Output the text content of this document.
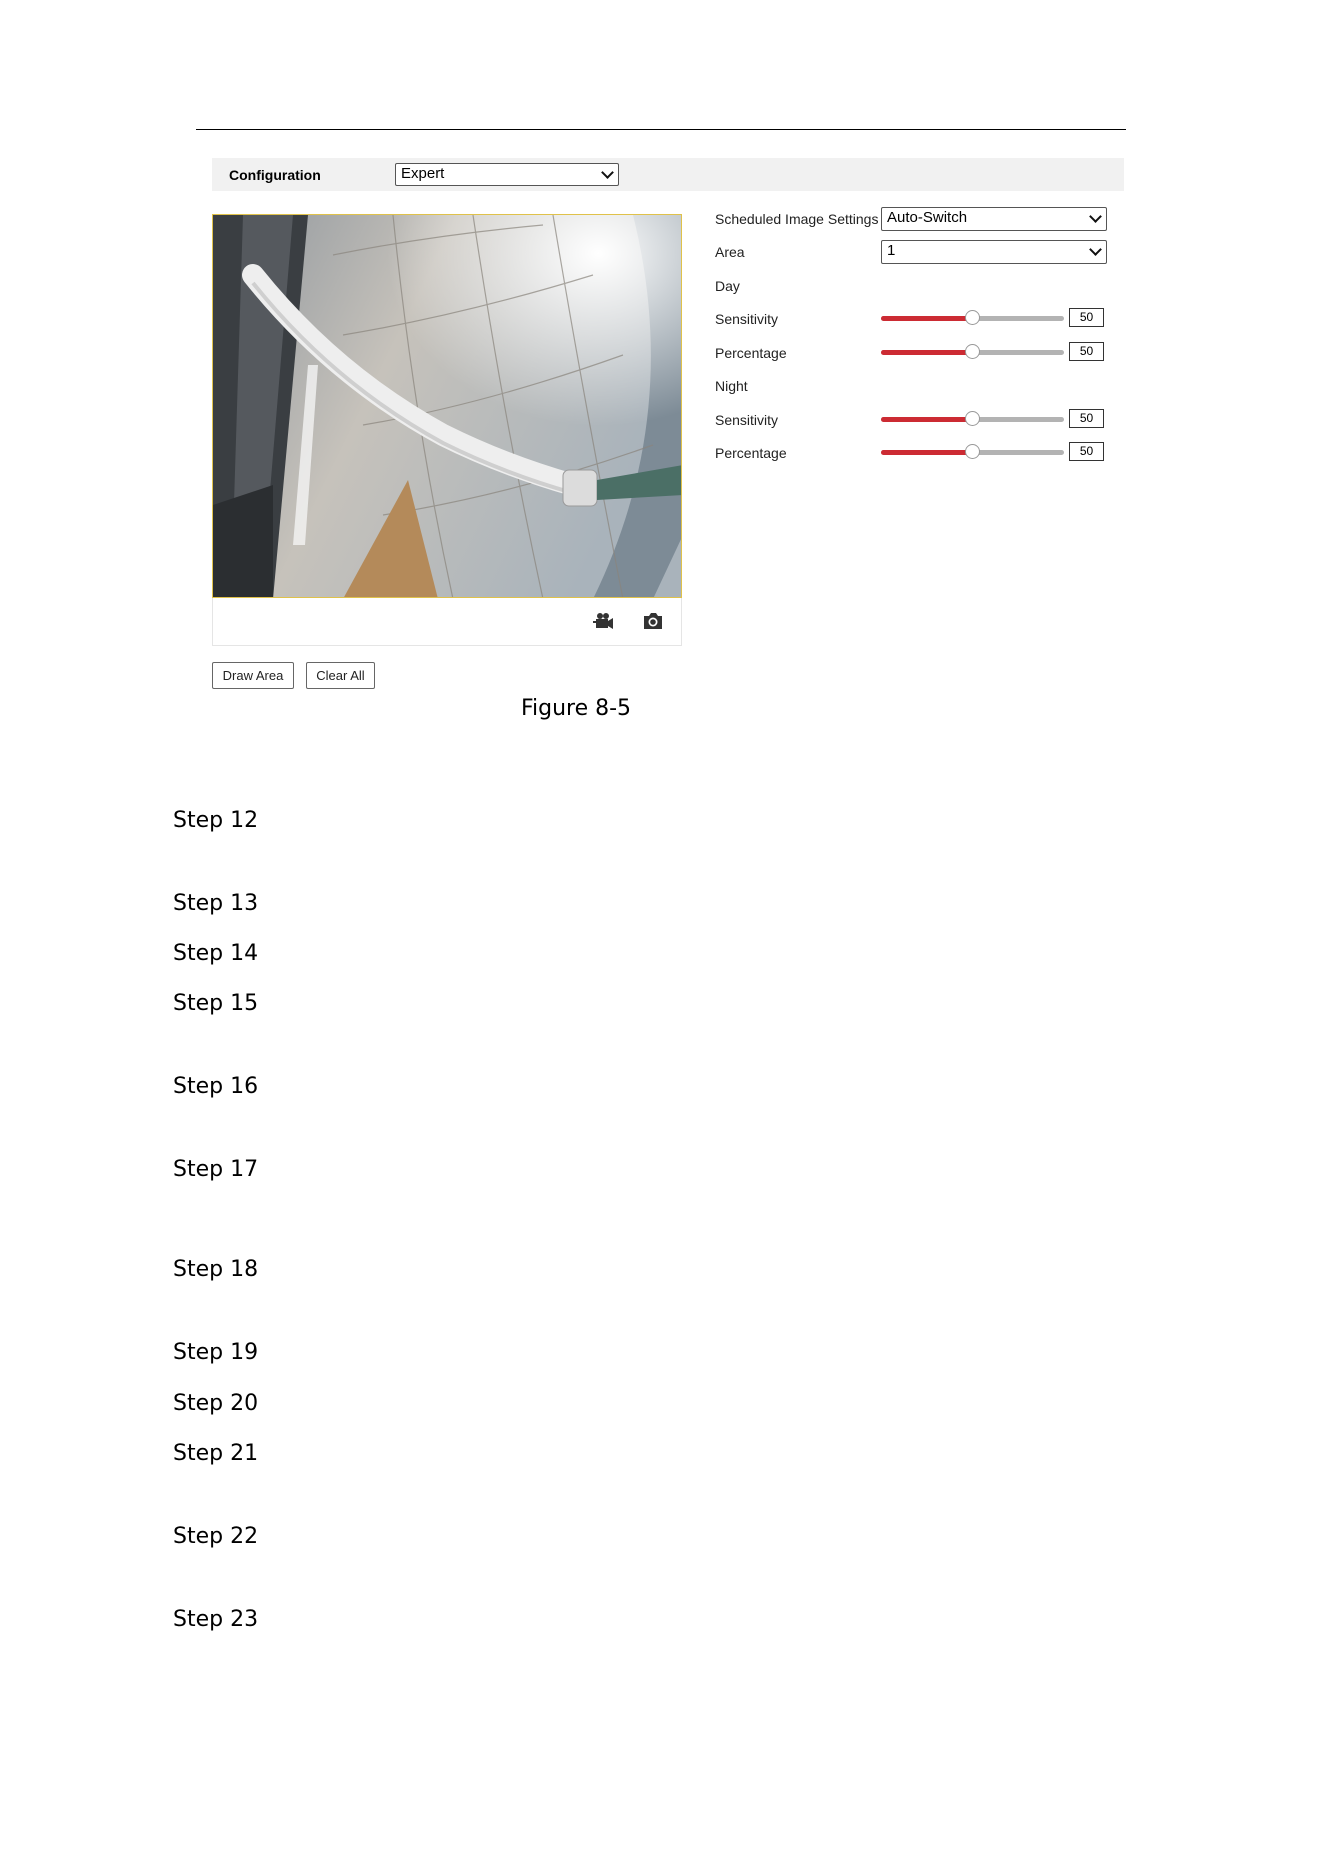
Configuration	Expert
Draw Area	Clear All
Figure 8-5
Scheduled Image Settings Auto-Switch
Area	1
Day
Sensitivity	50
Percentage	50
Night
Sensitivity	50
Percentage	50
Step 12
Step 13
Step 14
Step 15
Step 16
Step 17
Step 18
Step 19
Step 20
Step 21
Step 22
Step 23
